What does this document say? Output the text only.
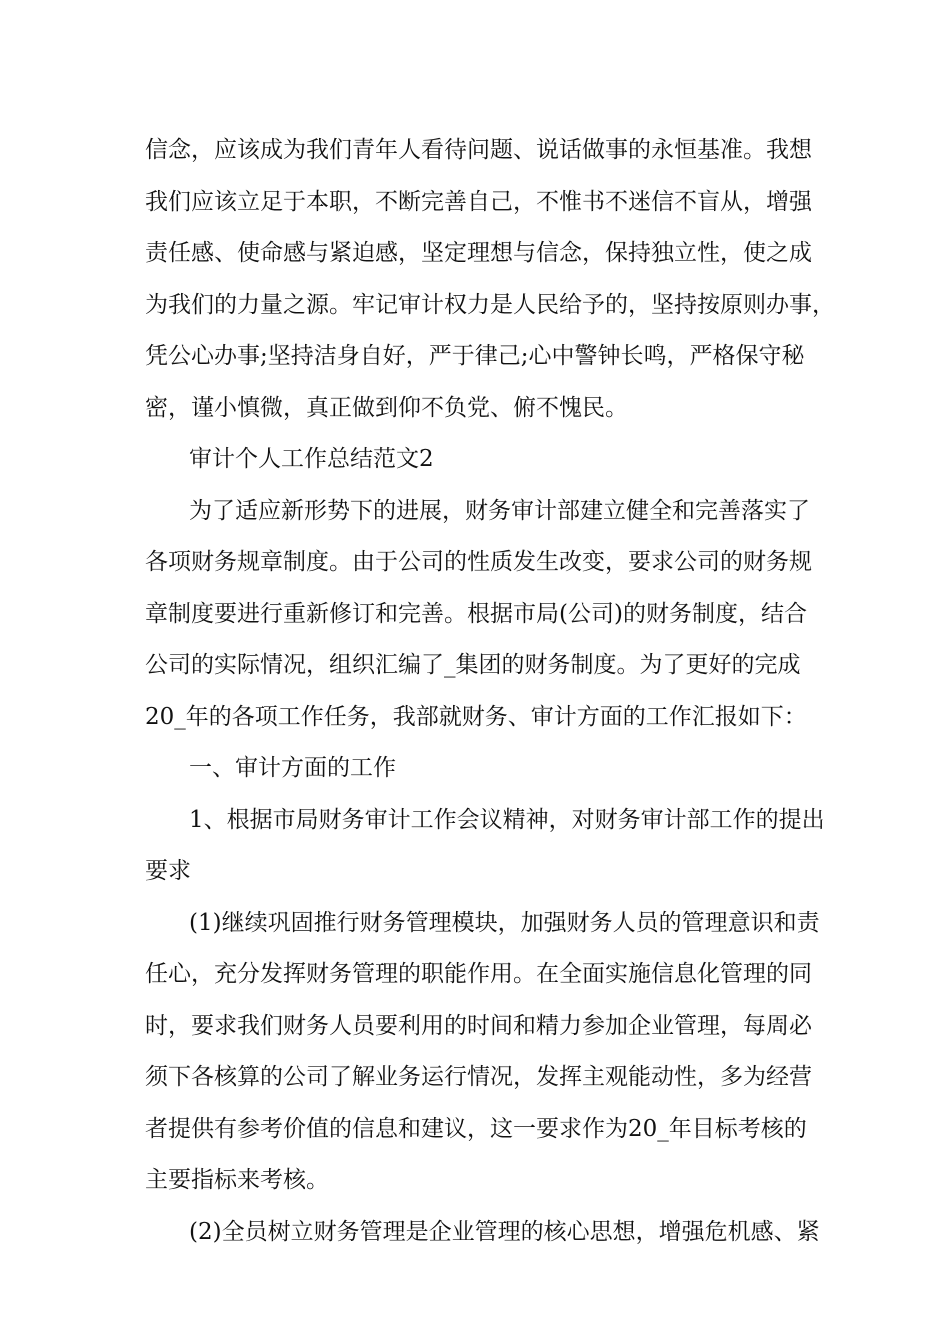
信念，应该成为我们青年人看待问题、说话做事的永恒基准。我想
我们应该立足于本职，不断完善自己，不惟书不迷信不盲从，增强
责任感、使命感与紧迫感，坚定理想与信念，保持独立性，使之成
为我们的力量之源。牢记审计权力是人民给予的，坚持按原则办事，
凭公心办事;坚持洁身自好，严于律己;心中警钟长鸣，严格保守秘
密，谨小慎微，真正做到仰不负党、俯不愧民。
审计个人工作总结范文2
为了适应新形势下的进展，财务审计部建立健全和完善落实了
各项财务规章制度。由于公司的性质发生改变，要求公司的财务规
章制度要进行重新修订和完善。根据市局(公司)的财务制度，结合
公司的实际情况，组织汇编了_集团的财务制度。为了更好的完成
20_年的各项工作任务，我部就财务、审计方面的工作汇报如下：
一、审计方面的工作
1、根据市局财务审计工作会议精神，对财务审计部工作的提出
要求
(1)继续巩固推行财务管理模块，加强财务人员的管理意识和责
任心，充分发挥财务管理的职能作用。在全面实施信息化管理的同
时，要求我们财务人员要利用的时间和精力参加企业管理，每周必
须下各核算的公司了解业务运行情况，发挥主观能动性，多为经营
者提供有参考价值的信息和建议，这一要求作为20_年目标考核的
主要指标来考核。
(2)全员树立财务管理是企业管理的核心思想，增强危机感、紧
